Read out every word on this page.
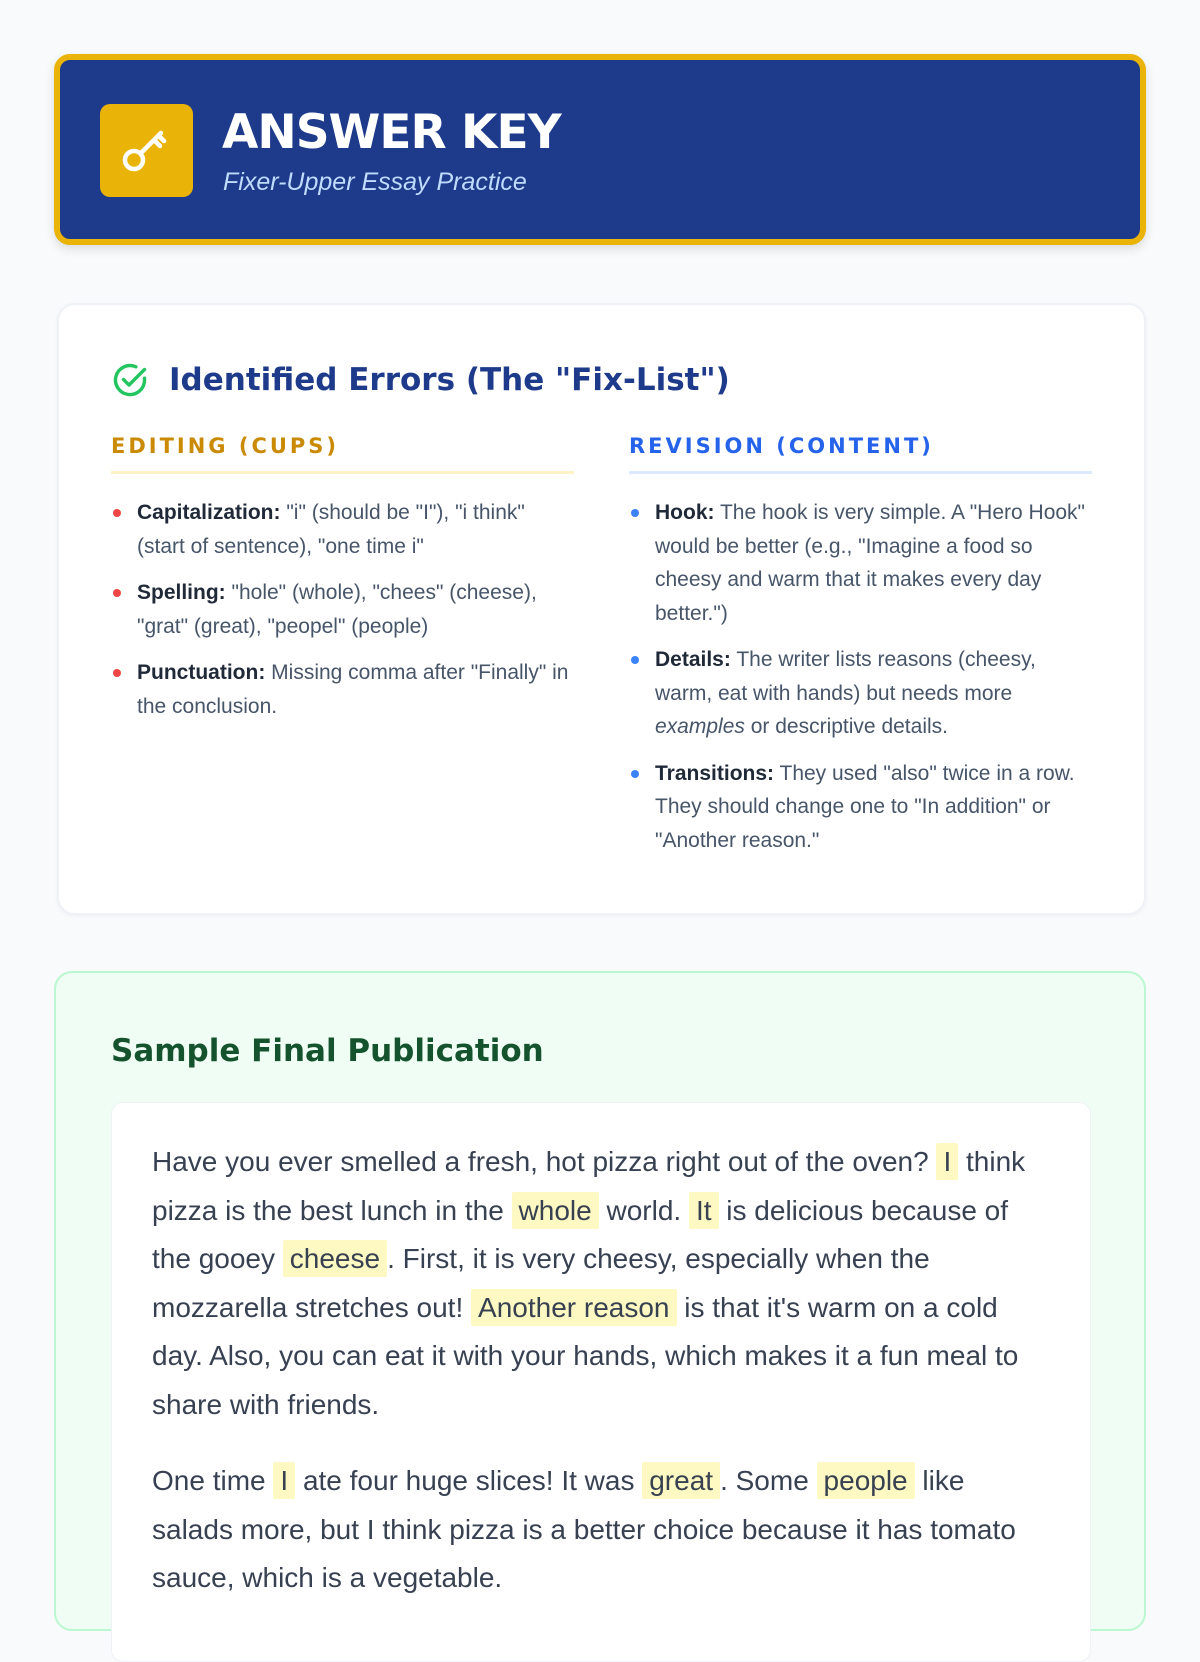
ANSWER KEY
Fixer-Upper Essay Practice
Identified Errors (The "Fix-List")
EDITING (CUPS)
Capitalization: "i" (should be "I"), "i think" (start of sentence), "one time i"
Spelling: "hole" (whole), "chees" (cheese), "grat" (great), "peopel" (people)
Punctuation: Missing comma after "Finally" in the conclusion.
REVISION (CONTENT)
Hook: The hook is very simple. A "Hero Hook" would be better (e.g., "Imagine a food so cheesy and warm that it makes every day better.")
Details: The writer lists reasons (cheesy, warm, eat with hands) but needs more examples or descriptive details.
Transitions: They used "also" twice in a row. They should change one to "In addition" or "Another reason."
Sample Final Publication

Have you ever smelled a fresh, hot pizza right out of the oven? I think pizza is the best lunch in the whole world. It is delicious because of the gooey cheese . First, it is very cheesy, especially when the mozzarella stretches out! Another reason is that it's warm on a cold day. Also, you can eat it with your hands, which makes it a fun meal to share with friends.

One time I ate four huge slices! It was great . Some people like salads more, but I think pizza is a better choice because it has tomato sauce, which is a vegetable.
